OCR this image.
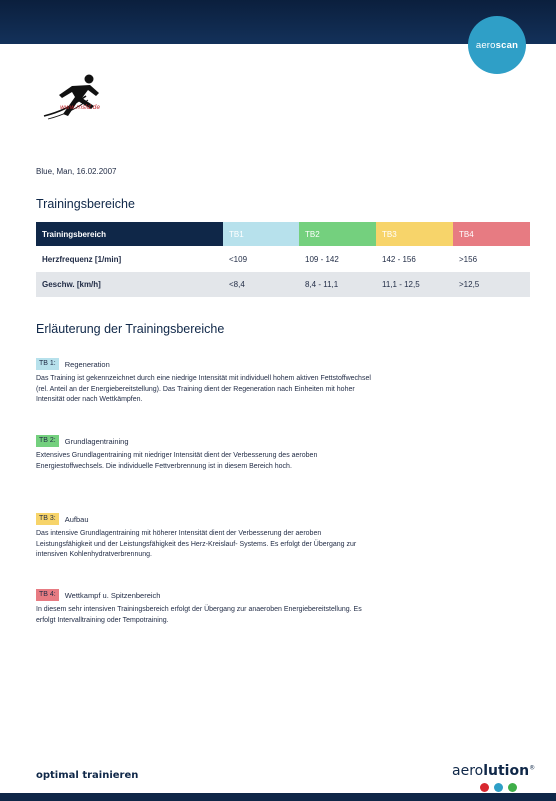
aero scan
www.msld.de
Blue, Man, 16.02.2007
Trainingsbereiche
Trainingsbereich	TB1	TB2	TB3	TB4
Herzfrequenz [1/min]	<109	109 - 142	142 - 156	>156
Geschw. [km/h]	<8,4	8,4 - 11,1	11,1 - 12,5	>12,5
Erläuterung der Trainingsbereiche
TB 1:	Regeneration
Das Training ist gekennzeichnet durch eine niedrige Intensität mit individuell hohem aktiven Fettstoffwechsel (rel. Anteil an der Energiebereitstellung). Das Training dient der Regeneration nach Einheiten mit hoher Intensität oder nach Wettkämpfen.
TB 2:	Grundlagentraining
Extensives Grundlagentraining mit niedriger Intensität dient der Verbesserung des aeroben Energiestoffwechsels. Die individuelle Fettverbrennung ist in diesem Bereich hoch.
TB 3:	Aufbau
Das intensive Grundlagentraining mit höherer Intensität dient der Verbesserung der aeroben Leistungsfähigkeit und der Leistungsfähigkeit des Herz-Kreislauf- Systems. Es erfolgt der Übergang zur intensiven Kohlenhydratverbrennung.
TB 4:	Wettkampf u. Spitzenbereich
In diesem sehr intensiven Trainingsbereich erfolgt der Übergang zur anaeroben Energiebereitstellung. Es erfolgt Intervalltraining oder Tempotraining.
optimal trainieren	aerolution®
